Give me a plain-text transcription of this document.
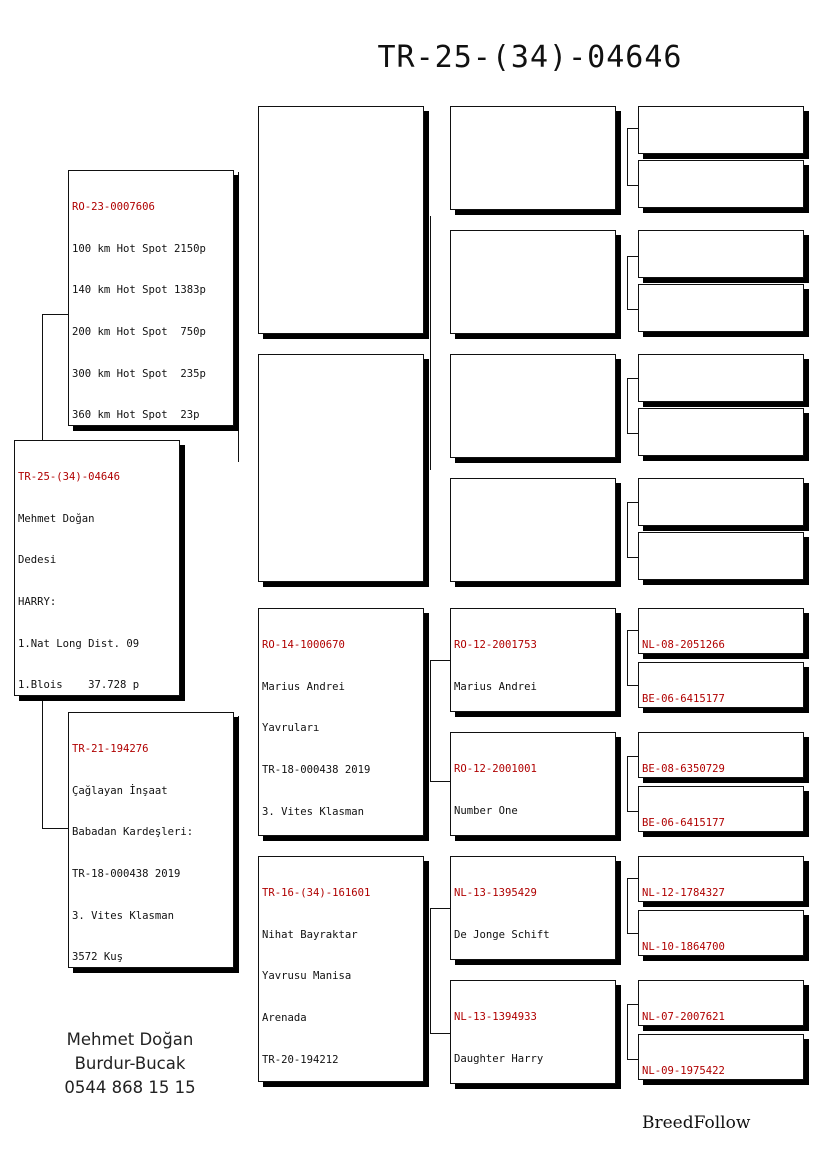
TR-25-(34)-04646

TR-25-(34)-04646

Mehmet Doğan

Dedesi

HARRY:

1.Nat Long Dist. 09

1.Blois    37.728 p

RO-23-0007606

100 km Hot Spot 2150p

140 km Hot Spot 1383p

200 km Hot Spot  750p

300 km Hot Spot  235p

360 km Hot Spot  23p

TR-21-194276

Çağlayan İnşaat

Babadan Kardeşleri:

TR-18-000438 2019

3. Vites Klasman

3572 Kuş

RO-14-1000670

Marius Andrei

Yavruları

TR-18-000438 2019

3. Vites Klasman

TR-16-(34)-161601

Nihat Bayraktar

Yavrusu Manisa

Arenada

TR-20-194212

RO-12-2001753

Marius Andrei

RO-12-2001001

Number One

NL-13-1395429

De Jonge Schift

NL-13-1394933

Daughter Harry

NL-08-2051266

BE-06-6415177

BE-08-6350729

BE-06-6415177

NL-12-1784327

NL-10-1864700

NL-07-2007621

NL-09-1975422

Mehmet Doğan
Burdur-Bucak
0544 868 15 15
BreedFollow
